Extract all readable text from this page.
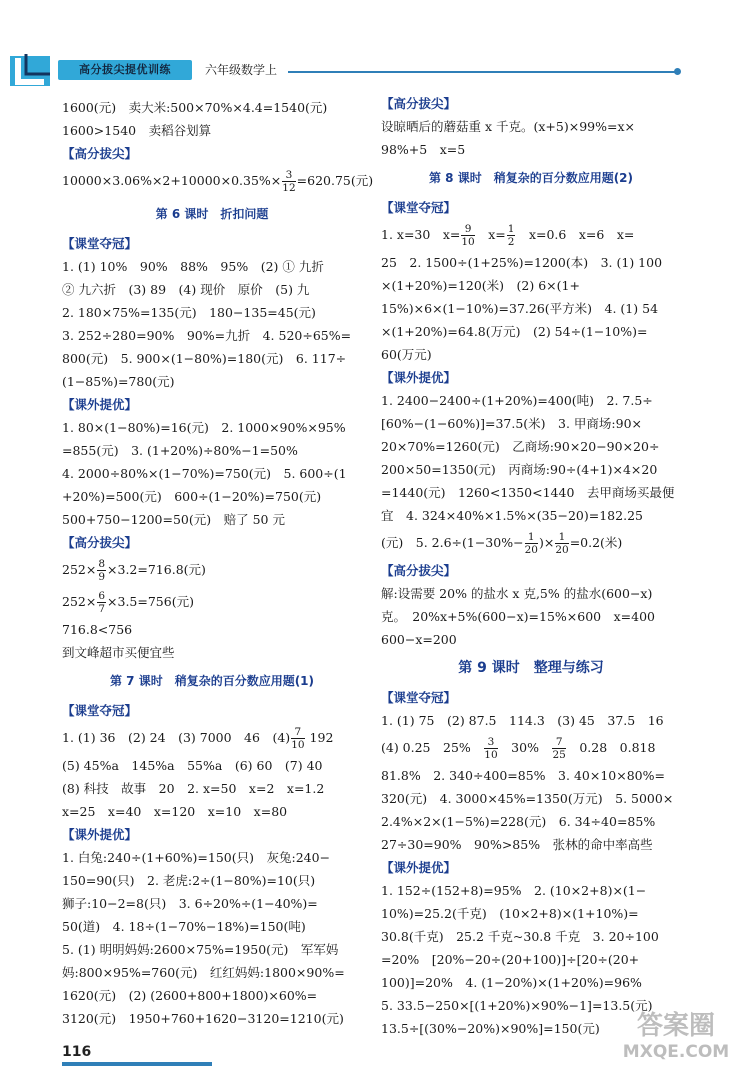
高分拔尖提优训练	六年级数学上
1600(元)　卖大米:500×70%×4.4=1540(元)
1600>1540　卖稻谷划算
【高分拔尖】
$10000\times 3.06\%\times 2+10000\times 0.35\%\times \frac{3}{12} =620.75$(元)
第 6 课时　折扣问题
【课堂夺冠】
1. (1) 10%　90%　88%　95%　(2) ① 九折
② 九六折　(3) 89　(4) 现价　原价　(5) 九
2. 180×75%=135(元)　180−135=45(元)
3. 252÷280=90%　90%=九折　4. 520÷65%=
800(元)　5. 900×(1−80%)=180(元)　6. 117÷
(1−85%)=780(元)
【课外提优】
1. 80×(1−80%)=16(元)　2. 1000×90%×95%
=855(元)　3. (1+20%)÷80%−1=50%
4. 2000÷80%×(1−70%)=750(元)　5. 600÷(1
+20%)=500(元)　600÷(1−20%)=750(元)
500+750−1200=50(元)　赔了 50 元
【高分拔尖】
$252\times \frac{8}{9} \times 3.2=716.8$(元)
$252\times \frac{6}{7} \times 3.5=756$(元)
716.8<756
到文峰超市买便宜些
第 7 课时　稍复杂的百分数应用题(1)
【课堂夺冠】
1. (1) 36　(2) 24　(3) 7000　46　$(4) \frac{7}{10} 192$
(5) 45%a　145%a　55%a　(6) 60　(7) 40
(8) 科技　故事　20　2. x=50　x=2　x=1.2
x=25　x=40　x=120　x=10　x=80
【课外提优】
1. 白兔:240÷(1+60%)=150(只)　灰兔:240−
150=90(只)　2. 老虎:2÷(1−80%)=10(只)
狮子:10−2=8(只)　3. 6÷20%÷(1−40%)=
50(道)　4. 18÷(1−70%−18%)=150(吨)
5. (1) 明明妈妈:2600×75%=1950(元)　军军妈
妈:800×95%=760(元)　红红妈妈:1800×90%=
1620(元)　(2) (2600+800+1800)×60%=
3120(元)　1950+760+1620−3120=1210(元)
【高分拔尖】
设晾晒后的蘑菇重 x 千克。(x+5)×99%=x×
98%+5　x=5
第 8 课时　稍复杂的百分数应用题(2)
【课堂夺冠】
1. x=30　$x= \frac{9}{10}$ 　$x= \frac{1}{2}$ 　x=0.6　x=6　x=
25　2. 1500÷(1+25%)=1200(本)　3. (1) 100
×(1+20%)=120(米)　(2) 6×(1+
15%)×6×(1−10%)=37.26(平方米)　4. (1) 54
×(1+20%)=64.8(万元)　(2) 54÷(1−10%)=
60(万元)
【课外提优】
1. 2400−2400÷(1+20%)=400(吨)　2. 7.5÷
[60%−(1−60%)]=37.5(米)　3. 甲商场:90×
20×70%=1260(元)　乙商场:90×20−90×20÷
200×50=1350(元)　丙商场:90÷(4+1)×4×20
=1440(元)　1260<1350<1440　去甲商场买最便
宜　4. 324×40%×1.5%×(35−20)=182.25
(元)　5. $2.6\div(1-30\%- \frac{1}{20}$ )× $\frac{1}{20} =0.2$(米)
【高分拔尖】
解:设需要 20% 的盐水 x 克,5% 的盐水(600−x)
克。　20%x+5%(600−x)=15%×600　x=400
600−x=200
第 9 课时　整理与练习
【课堂夺冠】
1. (1) 75　(2) 87.5　114.3　(3) 45　37.5　16
(4) 0.25　25%　 $\frac{3}{10}$ 　30%　 $\frac{7}{25}$ 　0.28　0.818
81.8%　2. 340÷400=85%　3. 40×10×80%=
320(元)　4. 3000×45%=1350(万元)　5. 5000×
2.4%×2×(1−5%)=228(元)　6. 34÷40=85%
27÷30=90%　90%>85%　张林的命中率高些
【课外提优】
1. 152÷(152+8)=95%　2. (10×2+8)×(1−
10%)=25.2(千克)　(10×2+8)×(1+10%)=
30.8(千克)　25.2 千克~30.8 千克　3. 20÷100
=20%　[20%−20÷(20+100)]÷[20÷(20+
100)]=20%　4. (1−20%)×(1+20%)=96%
5. 33.5−250×[(1+20%)×90%−1]=13.5(元)
13.5÷[(30%−20%)×90%]=150(元)
116
答案圈
MXQE.COM
